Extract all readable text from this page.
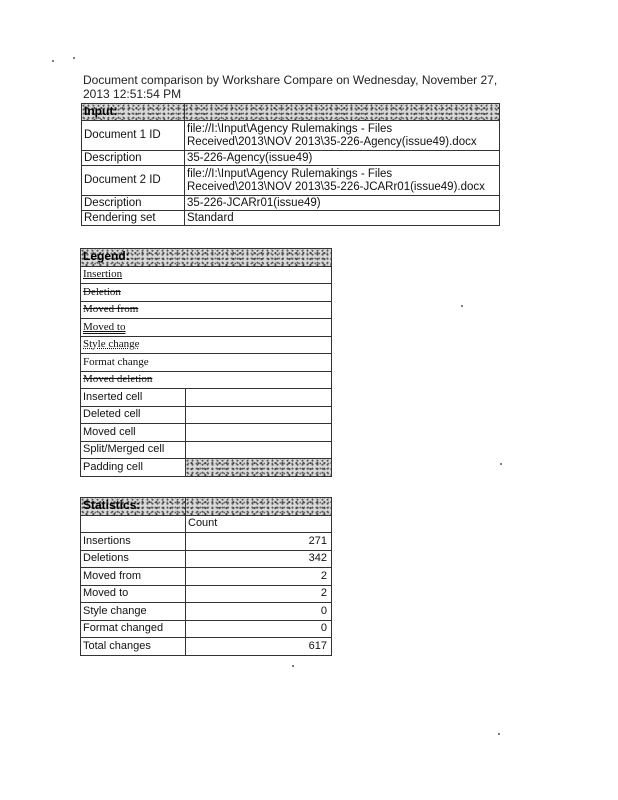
Document comparison by Workshare Compare on Wednesday, November 27, 2013 12:51:54 PM
Input:	
Document 1 ID	file://I:\Input\Agency Rulemakings - Files Received\2013\NOV 2013\35-226-Agency(issue49).docx
Description	35-226-Agency(issue49)
Document 2 ID	file://I:\Input\Agency Rulemakings - Files Received\2013\NOV 2013\35-226-JCARr01(issue49).docx
Description	35-226-JCARr01(issue49)
Rendering set	Standard
Legend:	
Insertion	
Deletion	
Moved from	
Moved to	
Style change	
Format change	
Moved deletion	
Inserted cell	
Deleted cell	
Moved cell	
Split/Merged cell	
Padding cell	
Statistics:	
	Count
Insertions	271
Deletions	342
Moved from	2
Moved to	2
Style change	0
Format changed	0
Total changes	617
